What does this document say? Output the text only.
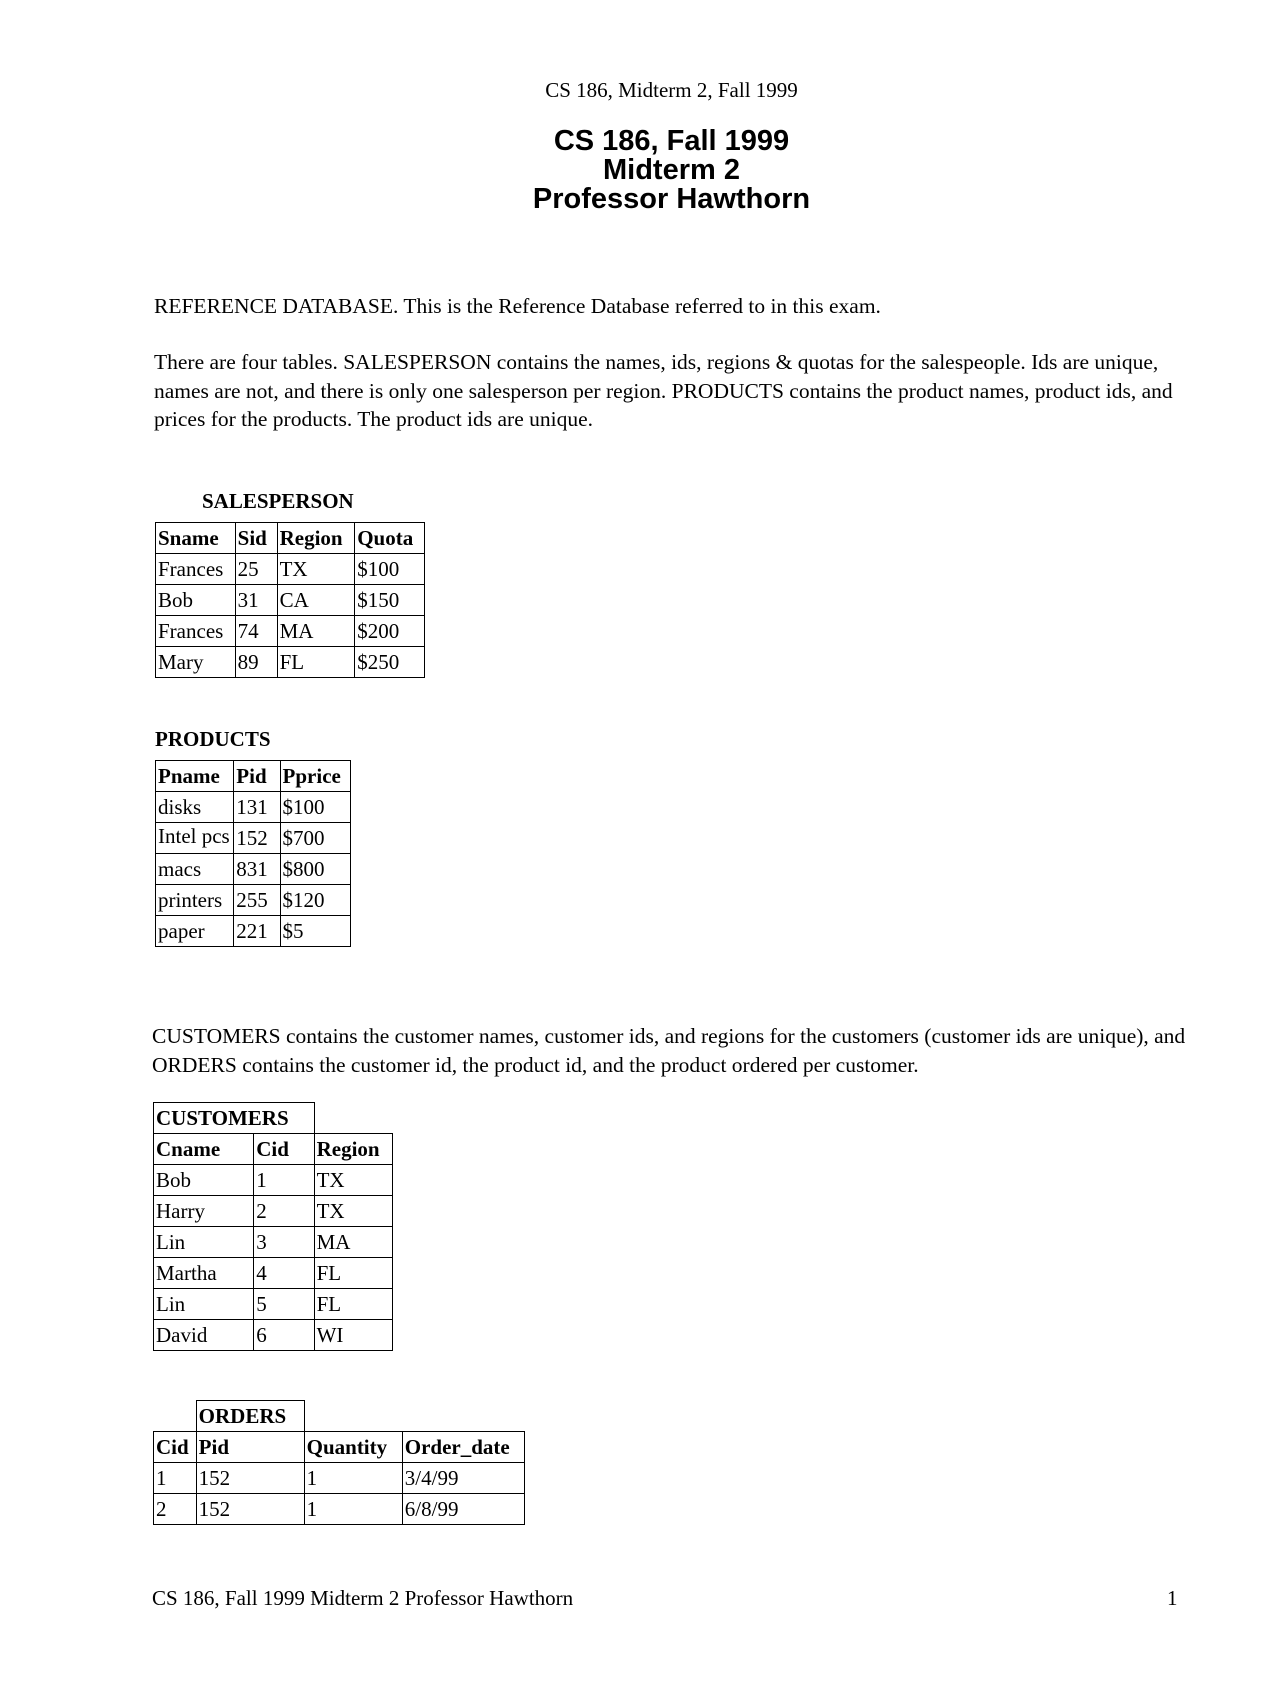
CS 186, Midterm 2, Fall 1999
CS 186, Fall 1999
Midterm 2
Professor Hawthorn

REFERENCE DATABASE. This is the Reference Database referred to in this exam.

There are four tables. SALESPERSON contains the names, ids, regions & quotas for the salespeople. Ids are unique, names are not, and there is only one salesperson per region. PRODUCTS contains the product names, product ids, and prices for the products. The product ids are unique.

SALESPERSON
Sname	Sid	Region	Quota
Frances	25	TX	$100
Bob	31	CA	$150
Frances	74	MA	$200
Mary	89	FL	$250
PRODUCTS
Pname	Pid	Pprice
disks	131	$100
Intel pcs	152	$700
macs	831	$800
printers	255	$120
paper	221	$5

CUSTOMERS contains the customer names, customer ids, and regions for the customers (customer ids are unique), and ORDERS contains the customer id, the product id, and the product ordered per customer.

CUSTOMERS		
Cname	Cid	Region
Bob	1	TX
Harry	2	TX
Lin	3	MA
Martha	4	FL
Lin	5	FL
David	6	WI
	ORDERS		
Cid	Pid	Quantity	Order_date
1	152	1	3/4/99
2	152	1	6/8/99
CS 186, Fall 1999 Midterm 2 Professor Hawthorn	1
